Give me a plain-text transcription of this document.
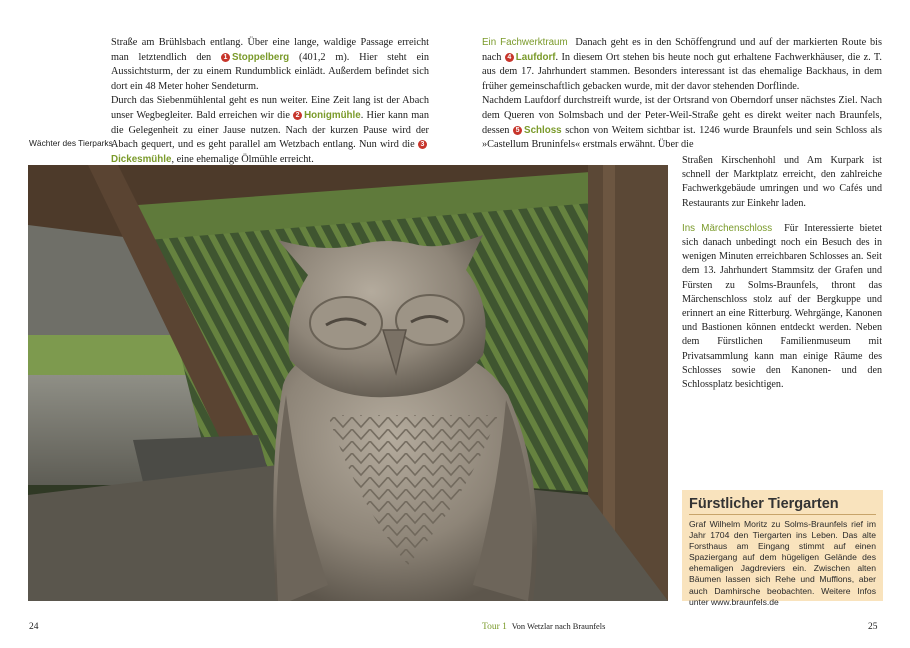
Straße am Brühlsbach entlang. Über eine lange, waldige Passage erreicht man letztendlich den 1 Stoppelberg (401,2 m). Hier steht ein Aussichtsturm, der zu einem Rundumblick einlädt. Außerdem befindet sich dort ein 48 Meter hoher Sendeturm.

Durch das Siebenmühlental geht es nun weiter. Eine Zeit lang ist der Abach unser Wegbegleiter. Bald erreichen wir die 2 Honigmühle. Hier kann man die Gelegenheit zu einer Jause nutzen. Nach der kurzen Pause wird der Abach gequert, und es geht parallel am Wetzbach entlang. Nun wird die 3Dickesmühle, eine ehemalige Ölmühle erreicht.

Wächter des Tierparks

Ein Fachwerktraum Danach geht es in den Schöffengrund und auf der markierten Route bis nach 4 Laufdorf. In diesem Ort stehen bis heute noch gut erhaltene Fachwerkhäuser, die z. T. aus dem 17. Jahrhundert stammen. Besonders interessant ist das ehemalige Backhaus, in dem früher gemeinschaftlich gebacken wurde, mit der davor stehenden Dorflinde.

Nachdem Laufdorf durchstreift wurde, ist der Ortsrand von Oberndorf unser nächstes Ziel. Nach dem Queren von Solmsbach und der Peter-Weil-Straße geht es direkt weiter nach Braunfels, dessen 5 Schloss schon von Weitem sichtbar ist. 1246 wurde Braunfels und sein Schloss als »Castellum Bruninfels« erstmals erwähnt. Über die

Straßen Kirschenhohl und Am Kurpark ist schnell der Marktplatz erreicht, den zahlreiche Fachwerkgebäude umringen und wo Cafés und Restaurants zur Einkehr laden.

Ins Märchenschloss Für Interessierte bietet sich danach unbedingt noch ein Besuch des in wenigen Minuten erreichbaren Schlosses an. Seit dem 13. Jahrhundert Stammsitz der Grafen und Fürsten zu Solms-Braunfels, thront das Märchenschloss stolz auf der Bergkuppe und erinnert an eine Ritterburg. Wehrgänge, Kanonen und Bastionen können entdeckt werden. Neben dem Fürstlichen Familienmuseum mit Privatsammlung kann man einige Räume des Schlosses sowie den Kanonen- und den Schlossplatz besichtigen.

Fürstlicher Tiergarten

Graf Wilhelm Moritz zu Solms-Braunfels rief im Jahr 1704 den Tiergarten ins Leben. Das alte Forsthaus am Eingang stimmt auf einen Spaziergang auf dem hügeligen Gelände des ehemaligen Jagdreviers ein. Zwischen alten Bäumen lassen sich Rehe und Mufflons, aber auch Damhirsche beobachten. Weitere Infos unter www.braunfels.de

24	Tour 1 Von Wetzlar nach Braunfels	25
